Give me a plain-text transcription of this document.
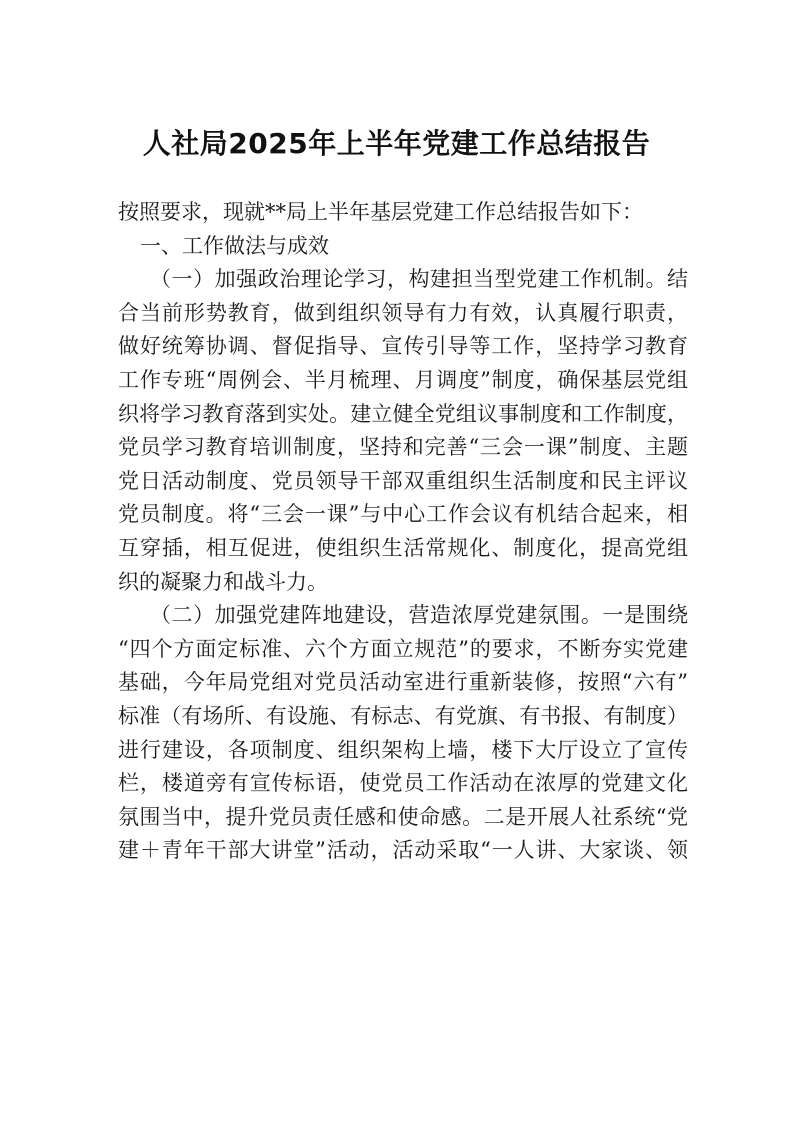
人社局2025年上半年党建工作总结报告
按照要求，现就**局上半年基层党建工作总结报告如下：
一、工作做法与成效
（一）加强政治理论学习，构建担当型党建工作机制。结
合当前形势教育，做到组织领导有力有效，认真履行职责，
做好统筹协调、督促指导、宣传引导等工作，坚持学习教育
工作专班“周例会、半月梳理、月调度”制度，确保基层党组
织将学习教育落到实处。建立健全党组议事制度和工作制度，
党员学习教育培训制度，坚持和完善“三会一课”制度、主题
党日活动制度、党员领导干部双重组织生活制度和民主评议
党员制度。将“三会一课”与中心工作会议有机结合起来，相
互穿插，相互促进，使组织生活常规化、制度化，提高党组
织的凝聚力和战斗力。
（二）加强党建阵地建设，营造浓厚党建氛围。一是围绕
“四个方面定标准、六个方面立规范”的要求，不断夯实党建
基础，今年局党组对党员活动室进行重新装修，按照“六有”
标准（有场所、有设施、有标志、有党旗、有书报、有制度）
进行建设，各项制度、组织架构上墙，楼下大厅设立了宣传
栏，楼道旁有宣传标语，使党员工作活动在浓厚的党建文化
氛围当中，提升党员责任感和使命感。二是开展人社系统“党
建＋青年干部大讲堂”活动，活动采取“一人讲、大家谈、领
